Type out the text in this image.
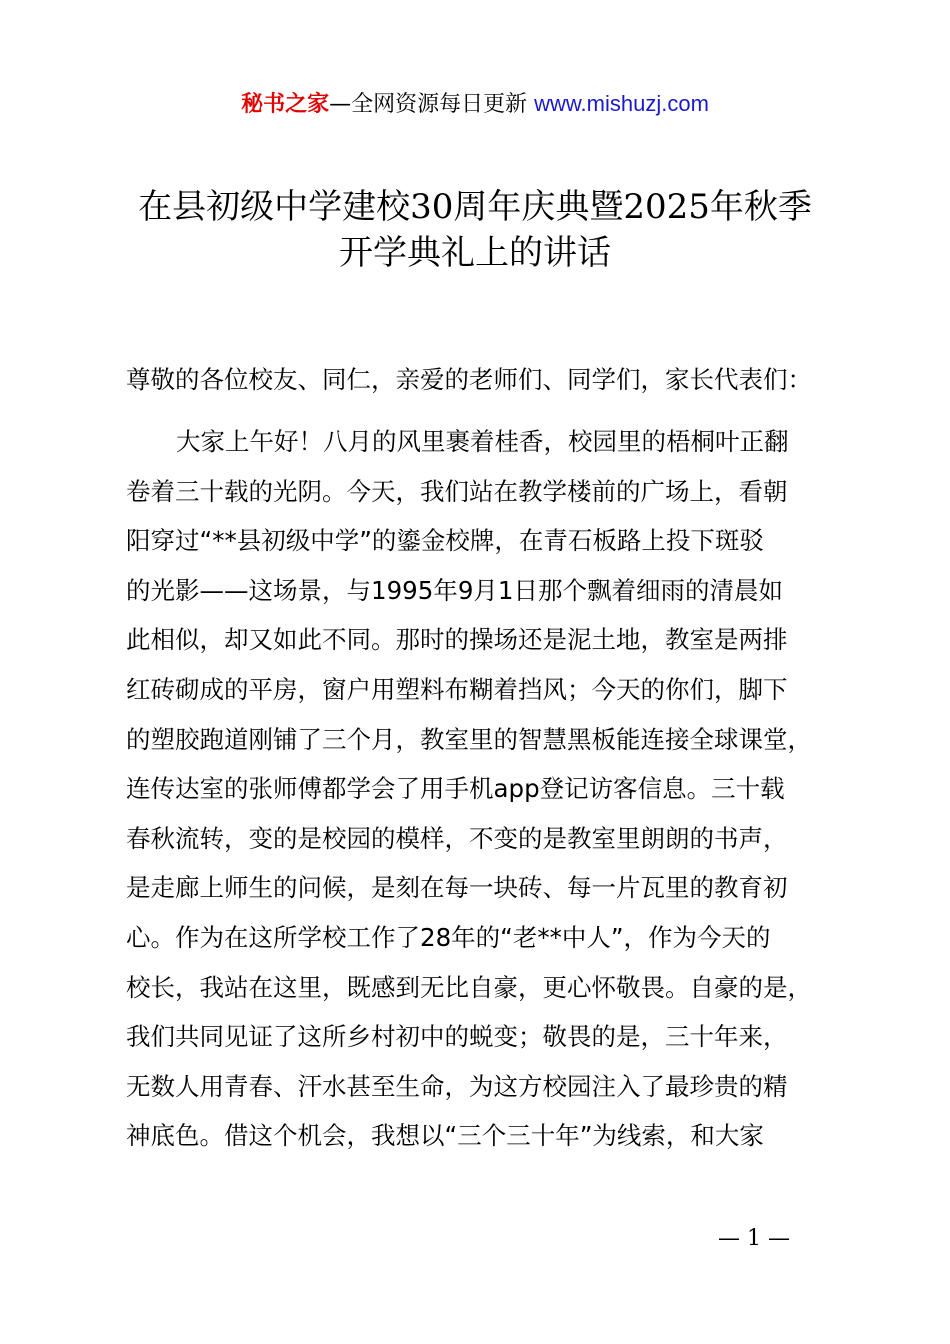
秘书之家—全网资源每日更新 www.mishuzj.com
在县初级中学建校30周年庆典暨2025年秋季
开学典礼上的讲话
尊敬的各位校友、同仁，亲爱的老师们、同学们，家长代表们：
大家上午好！八月的风里裹着桂香，校园里的梧桐叶正翻
卷着三十载的光阴。今天，我们站在教学楼前的广场上，看朝
阳穿过“**县初级中学”的鎏金校牌，在青石板路上投下斑驳
的光影——这场景，与1995年9月1日那个飘着细雨的清晨如
此相似，却又如此不同。那时的操场还是泥土地，教室是两排
红砖砌成的平房，窗户用塑料布糊着挡风；今天的你们，脚下
的塑胶跑道刚铺了三个月，教室里的智慧黑板能连接全球课堂，
连传达室的张师傅都学会了用手机app登记访客信息。三十载
春秋流转，变的是校园的模样，不变的是教室里朗朗的书声，
是走廊上师生的问候，是刻在每一块砖、每一片瓦里的教育初
心。作为在这所学校工作了28年的“老**中人”，作为今天的
校长，我站在这里，既感到无比自豪，更心怀敬畏。自豪的是，
我们共同见证了这所乡村初中的蜕变；敬畏的是，三十年来，
无数人用青春、汗水甚至生命，为这方校园注入了最珍贵的精
神底色。借这个机会，我想以“三个三十年”为线索，和大家
— 1 —
